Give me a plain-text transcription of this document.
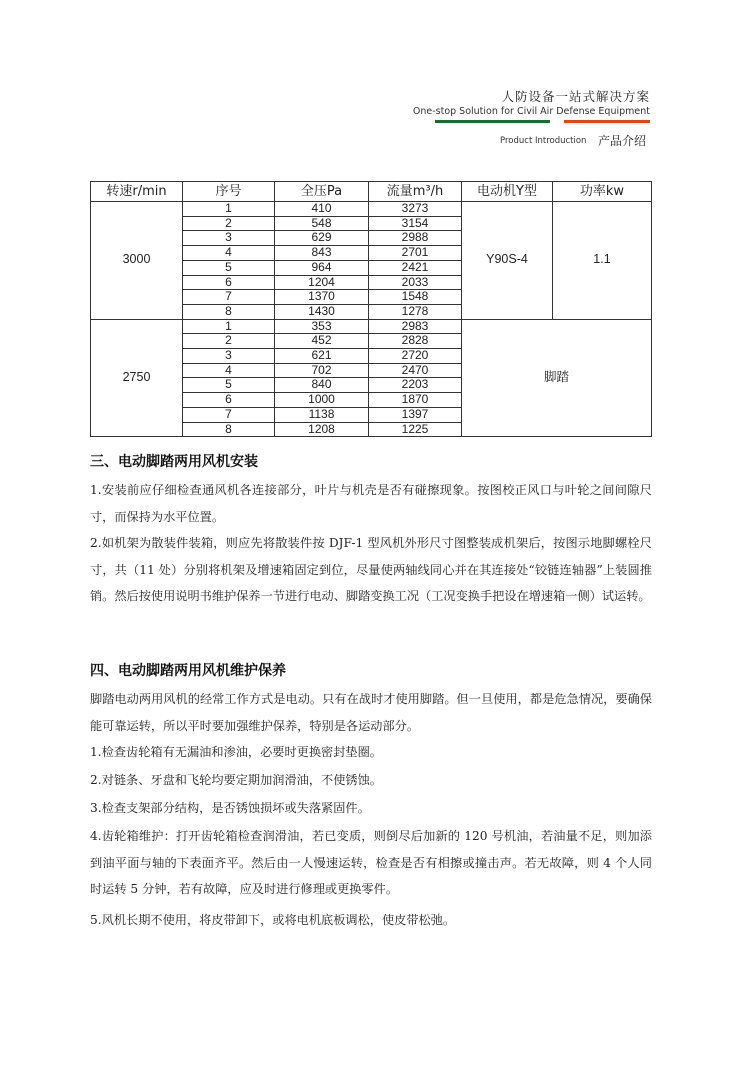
人防设备一站式解决方案
One-stop Solution for Civil Air Defense Equipment
Product Introduction 产品介绍
转速r/min	序号	全压Pa	流量m³/h	电动机Y型	功率kw
3000	1	410	3273	Y90S-4	1.1
	2	548	3154		
	3	629	2988		
	4	843	2701		
	5	964	2421		
	6	1204	2033		
	7	1370	1548		
	8	1430	1278		
2750	1	353	2983	脚踏	
	2	452	2828		
	3	621	2720		
	4	702	2470		
	5	840	2203		
	6	1000	1870		
	7	1138	1397		
	8	1208	1225		
三、电动脚踏两用风机安装
1.安装前应仔细检查通风机各连接部分，叶片与机壳是否有碰擦现象。按图校正风口与叶轮之间间隙尺寸，而保持为水平位置。
2.如机架为散装件装箱，则应先将散装件按 DJF-1 型风机外形尺寸图整装成机架后，按图示地脚螺栓尺寸，共（11 处）分别将机架及增速箱固定到位，尽量使两轴线同心并在其连接处“铰链连轴器”上装圆推销。然后按使用说明书维护保养一节进行电动、脚踏变换工况（工况变换手把设在增速箱一侧）试运转。
四、电动脚踏两用风机维护保养
脚踏电动两用风机的经常工作方式是电动。只有在战时才使用脚踏。但一旦使用，都是危急情况，要确保能可靠运转，所以平时要加强维护保养，特别是各运动部分。
1.检查齿轮箱有无漏油和渗油，必要时更换密封垫圈。
2.对链条、牙盘和飞轮均要定期加润滑油，不使锈蚀。
3.检查支架部分结构，是否锈蚀损坏或失落紧固件。
4.齿轮箱维护：打开齿轮箱检查润滑油，若已变质，则倒尽后加新的 120 号机油，若油量不足，则加添到油平面与轴的下表面齐平。然后由一人慢速运转，检查是否有相擦或撞击声。若无故障，则 4 个人同时运转 5 分钟，若有故障，应及时进行修理或更换零件。
5.风机长期不使用，将皮带卸下，或将电机底板调松，使皮带松弛。
